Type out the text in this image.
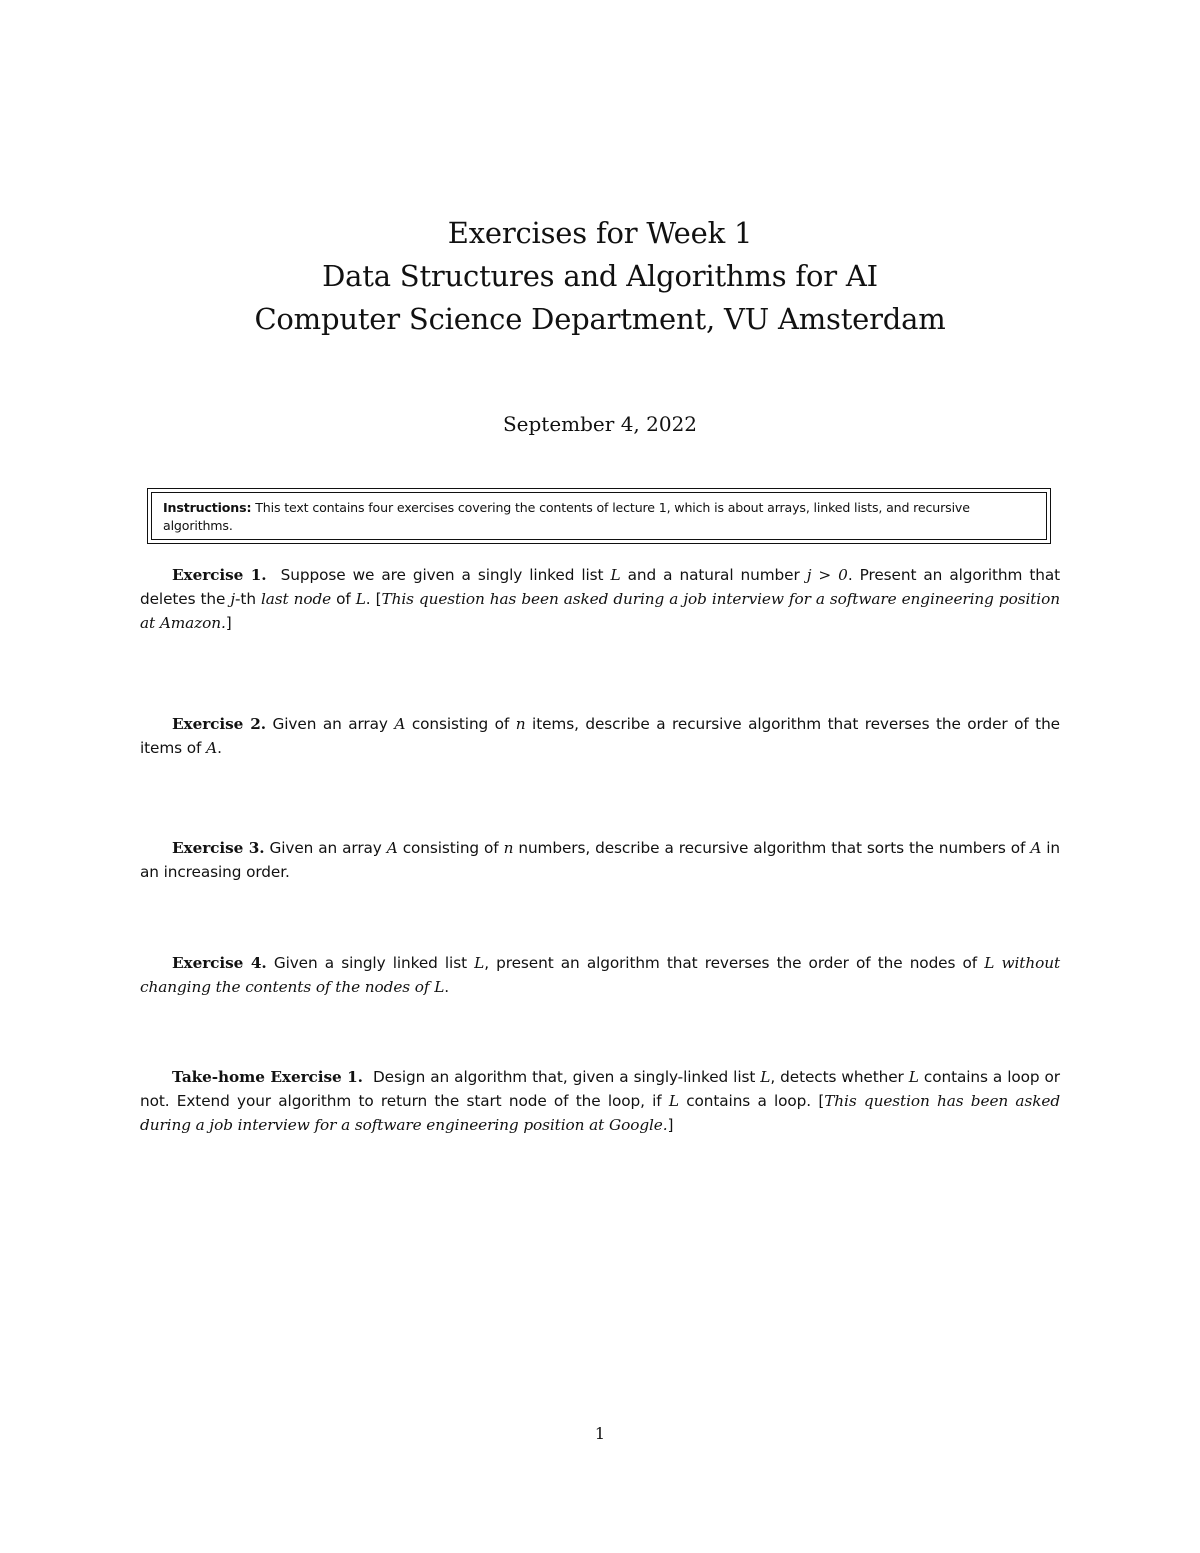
Exercises for Week 1
Data Structures and Algorithms for AI
Computer Science Department, VU Amsterdam
September 4, 2022
Instructions: This text contains four exercises covering the contents of lecture 1, which is about arrays, linked lists, and recursive algorithms.
Exercise 1. Suppose we are given a singly linked list L and a natural number j > 0. Present an algorithm that deletes the j-th last node of L. [This question has been asked during a job interview for a software engineering position at Amazon.]
Exercise 2. Given an array A consisting of n items, describe a recursive algorithm that reverses the order of the items of A.
Exercise 3. Given an array A consisting of n numbers, describe a recursive algorithm that sorts the numbers of A in an increasing order.
Exercise 4. Given a singly linked list L, present an algorithm that reverses the order of the nodes of L without changing the contents of the nodes of L.
Take-home Exercise 1. Design an algorithm that, given a singly-linked list L, detects whether L contains a loop or not. Extend your algorithm to return the start node of the loop, if L contains a loop. [This question has been asked during a job interview for a software engineering position at Google.]
1
